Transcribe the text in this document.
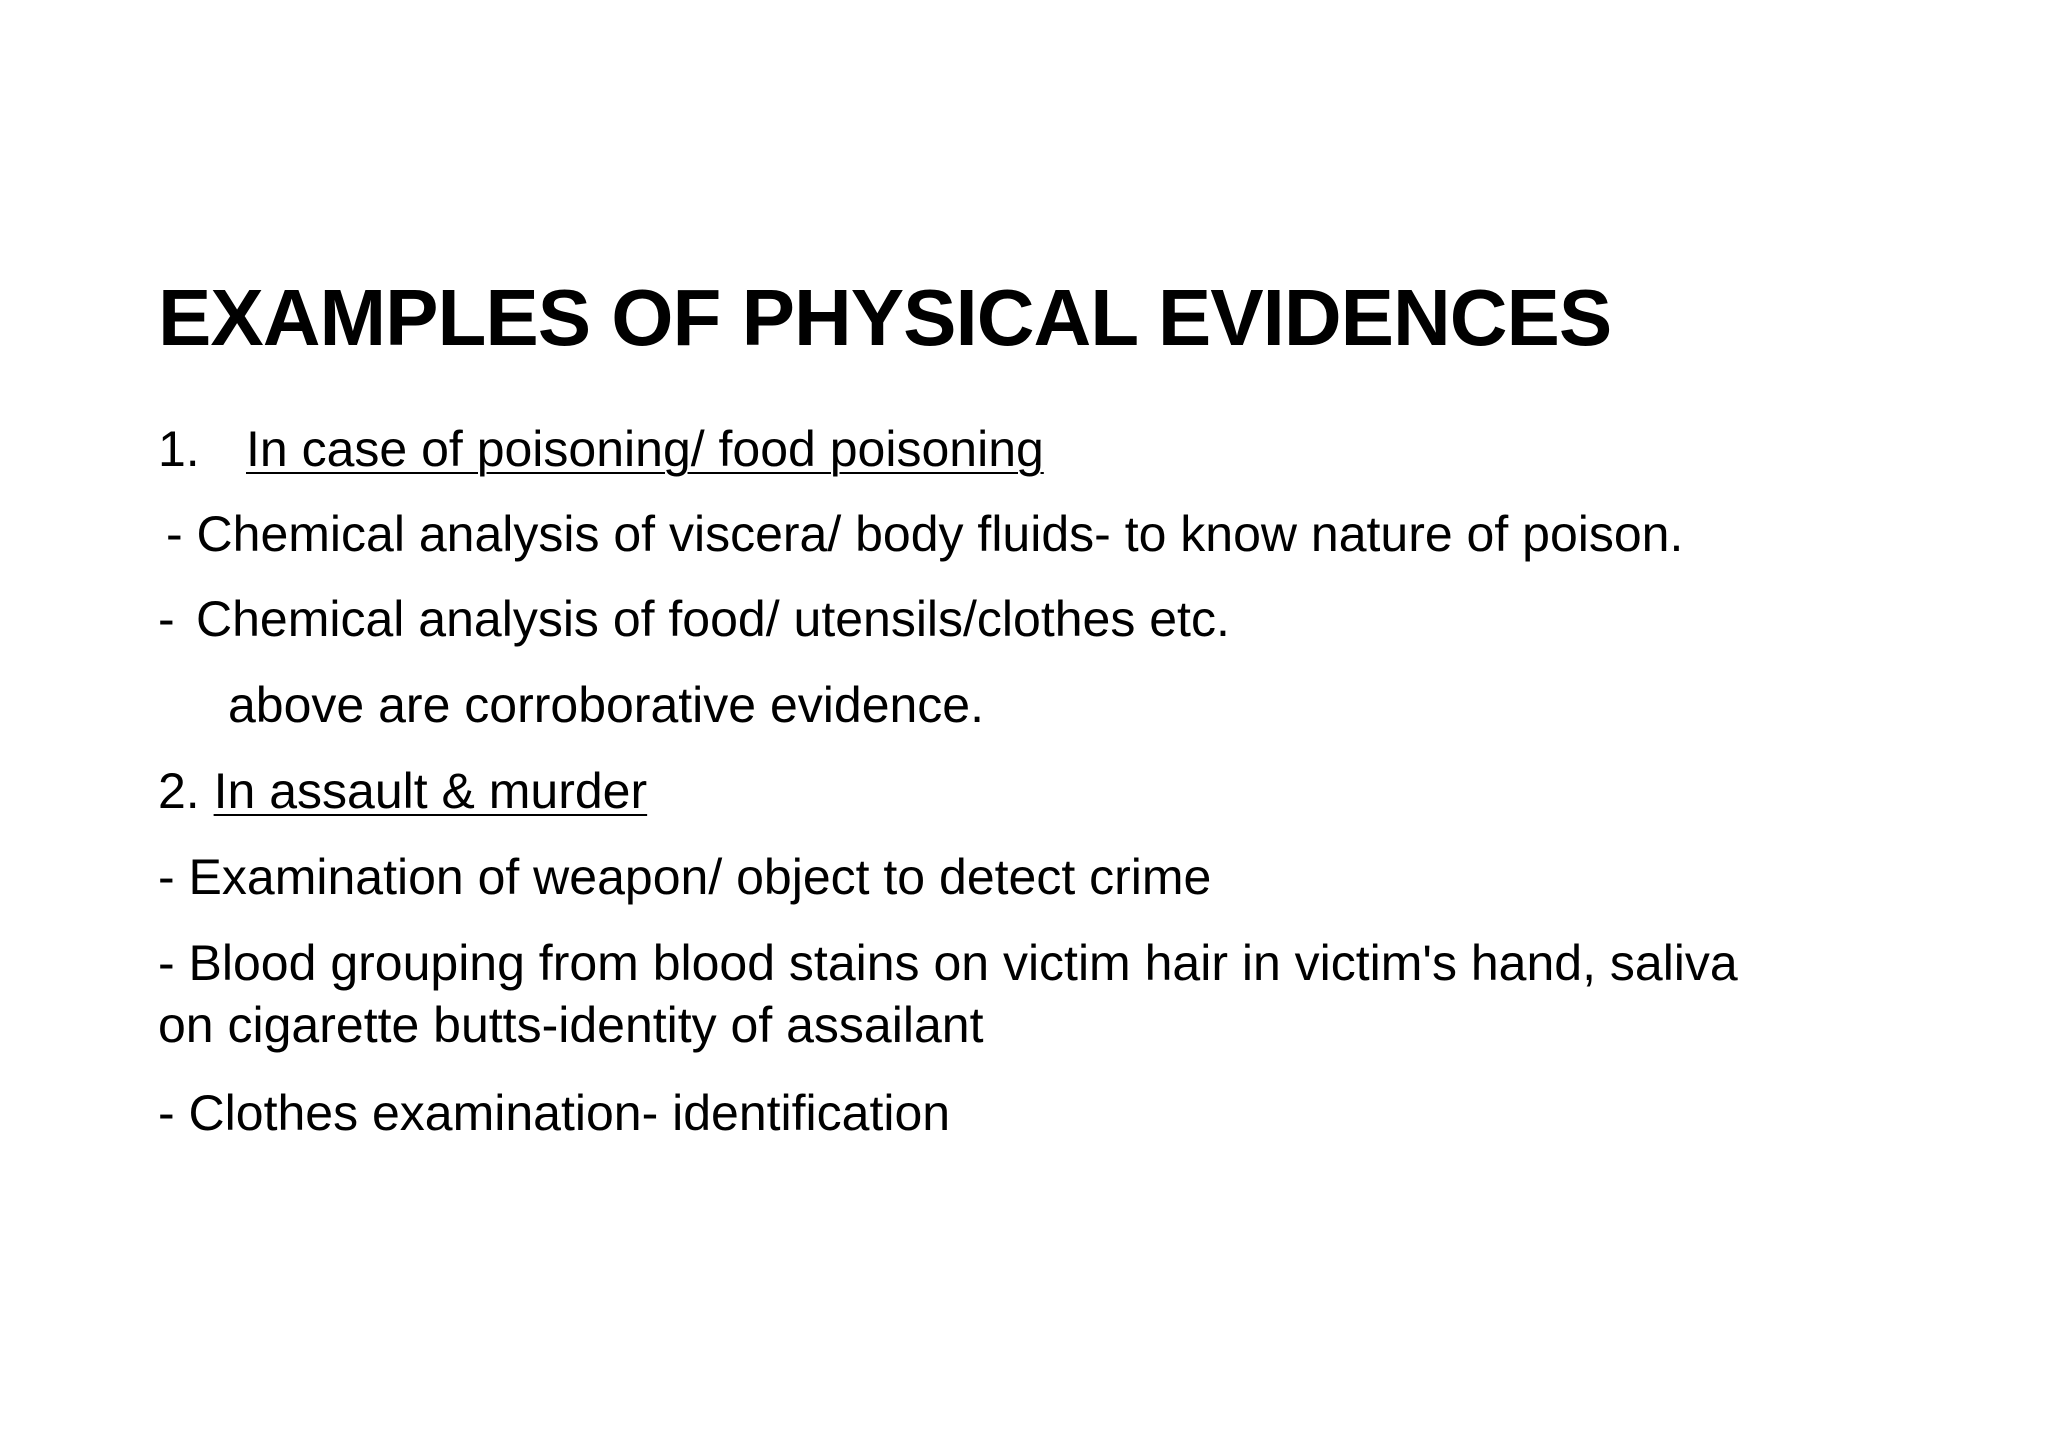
EXAMPLES OF PHYSICAL EVIDENCES

1. In case of poisoning/ food poisoning

- Chemical analysis of viscera/ body fluids- to know nature of poison.

- Chemical analysis of food/ utensils/clothes etc.

above are corroborative evidence.

2. In assault & murder

- Examination of weapon/ object to detect crime

- Blood grouping from blood stains on victim hair in victim's hand, saliva

on cigarette butts-identity of assailant

- Clothes examination- identification
